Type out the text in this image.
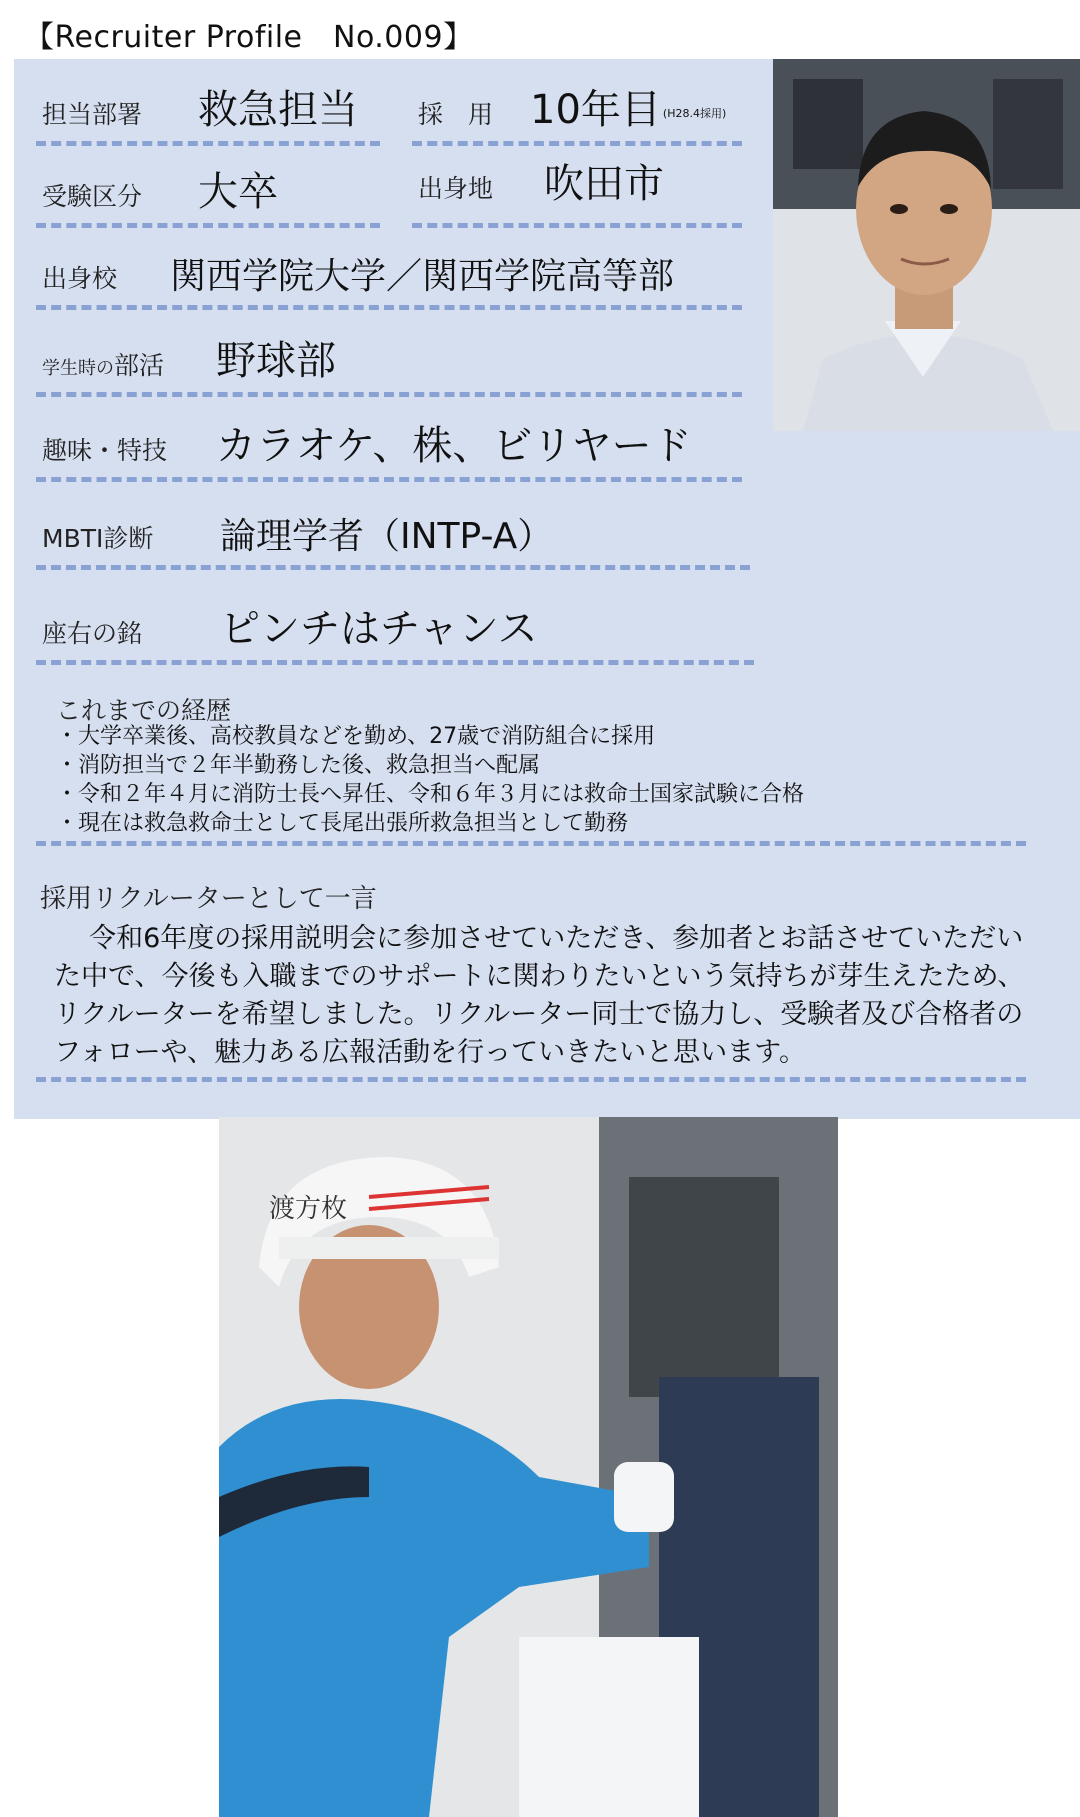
【Recruiter Profile　No.009】
担当部署 救急担当 採　用 10年目 (H28.4採用)
受験区分 大卒	出身地 吹田市
出身校 関西学院大学／関西学院高等部
学生時の部活 野球部
趣味・特技 カラオケ、株、ビリヤード
MBTI診断 論理学者（INTP-A）
座右の銘 ピンチはチャンス
これまでの経歴
・大学卒業後、高校教員などを勤め、27歳で消防組合に採用
・消防担当で２年半勤務した後、救急担当へ配属
・令和２年４月に消防士長へ昇任、令和６年３月には救命士国家試験に合格
・現在は救急救命士として長尾出張所救急担当として勤務
採用リクルーターとして一言

令和6年度の採用説明会に参加させていただき、参加者とお話させていただいた中で、今後も入職までのサポートに関わりたいという気持ちが芽生えたため、リクルーターを希望しました。リクルーター同士で協力し、受験者及び合格者のフォローや、魅力ある広報活動を行っていきたいと思います。

渡方枚
